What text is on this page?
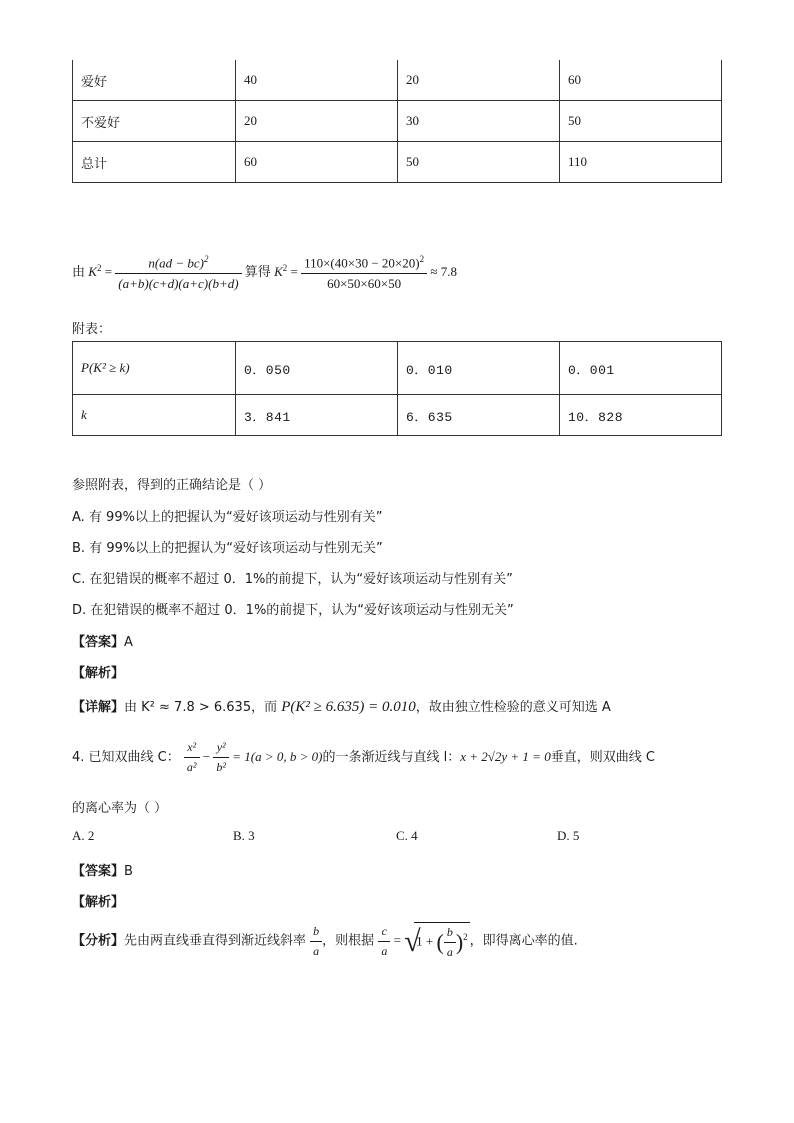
爱好	40	20	60
不爱好	20	30	50
总计	60	50	110
由 $K^2 = \frac{n(ad - bc)^2}{(a+b)(c+d)(a+c)(b+d)}$ 算得 $K^2 = \frac{110\times(40\times 30 - 20\times 20)^2}{60\times 50\times 60\times 50} \approx 7.8$
附表：
P(K² ≥ k)	0．050	0．010	0．001
k	3．841	6．635	10．828
参照附表，得到的正确结论是（ ）
A. 有 99%以上的把握认为“爱好该项运动与性别有关”
B. 有 99%以上的把握认为“爱好该项运动与性别无关”
C. 在犯错误的概率不超过 0．1%的前提下，认为“爱好该项运动与性别有关”
D. 在犯错误的概率不超过 0．1%的前提下，认为“爱好该项运动与性别无关”
【答案】A
【解析】
【详解】由 K² ≈ 7.8 > 6.635，而 P(K² ≥ 6.635) = 0.010，故由独立性检验的意义可知选 A
4. 已知双曲线 C： $\frac{\text{x²}}{\text{a²}} - \frac{\text{y²}}{\text{b²}} = 1(a > 0$, b > 0)的一条渐近线与直线 l：x + 2√2y + 1 = 0垂直，则双曲线 C
的离心率为（ ）
A. 2	B. 3	C. 4	D. 5
【答案】B
【解析】
【分析】先由两直线垂直得到渐近线斜率 $\frac{b}{a}$ ，则根据 $\frac{c}{a}$ = √
1 + ( $\frac{b}{a} )^2$ ，即得离心率的值.
